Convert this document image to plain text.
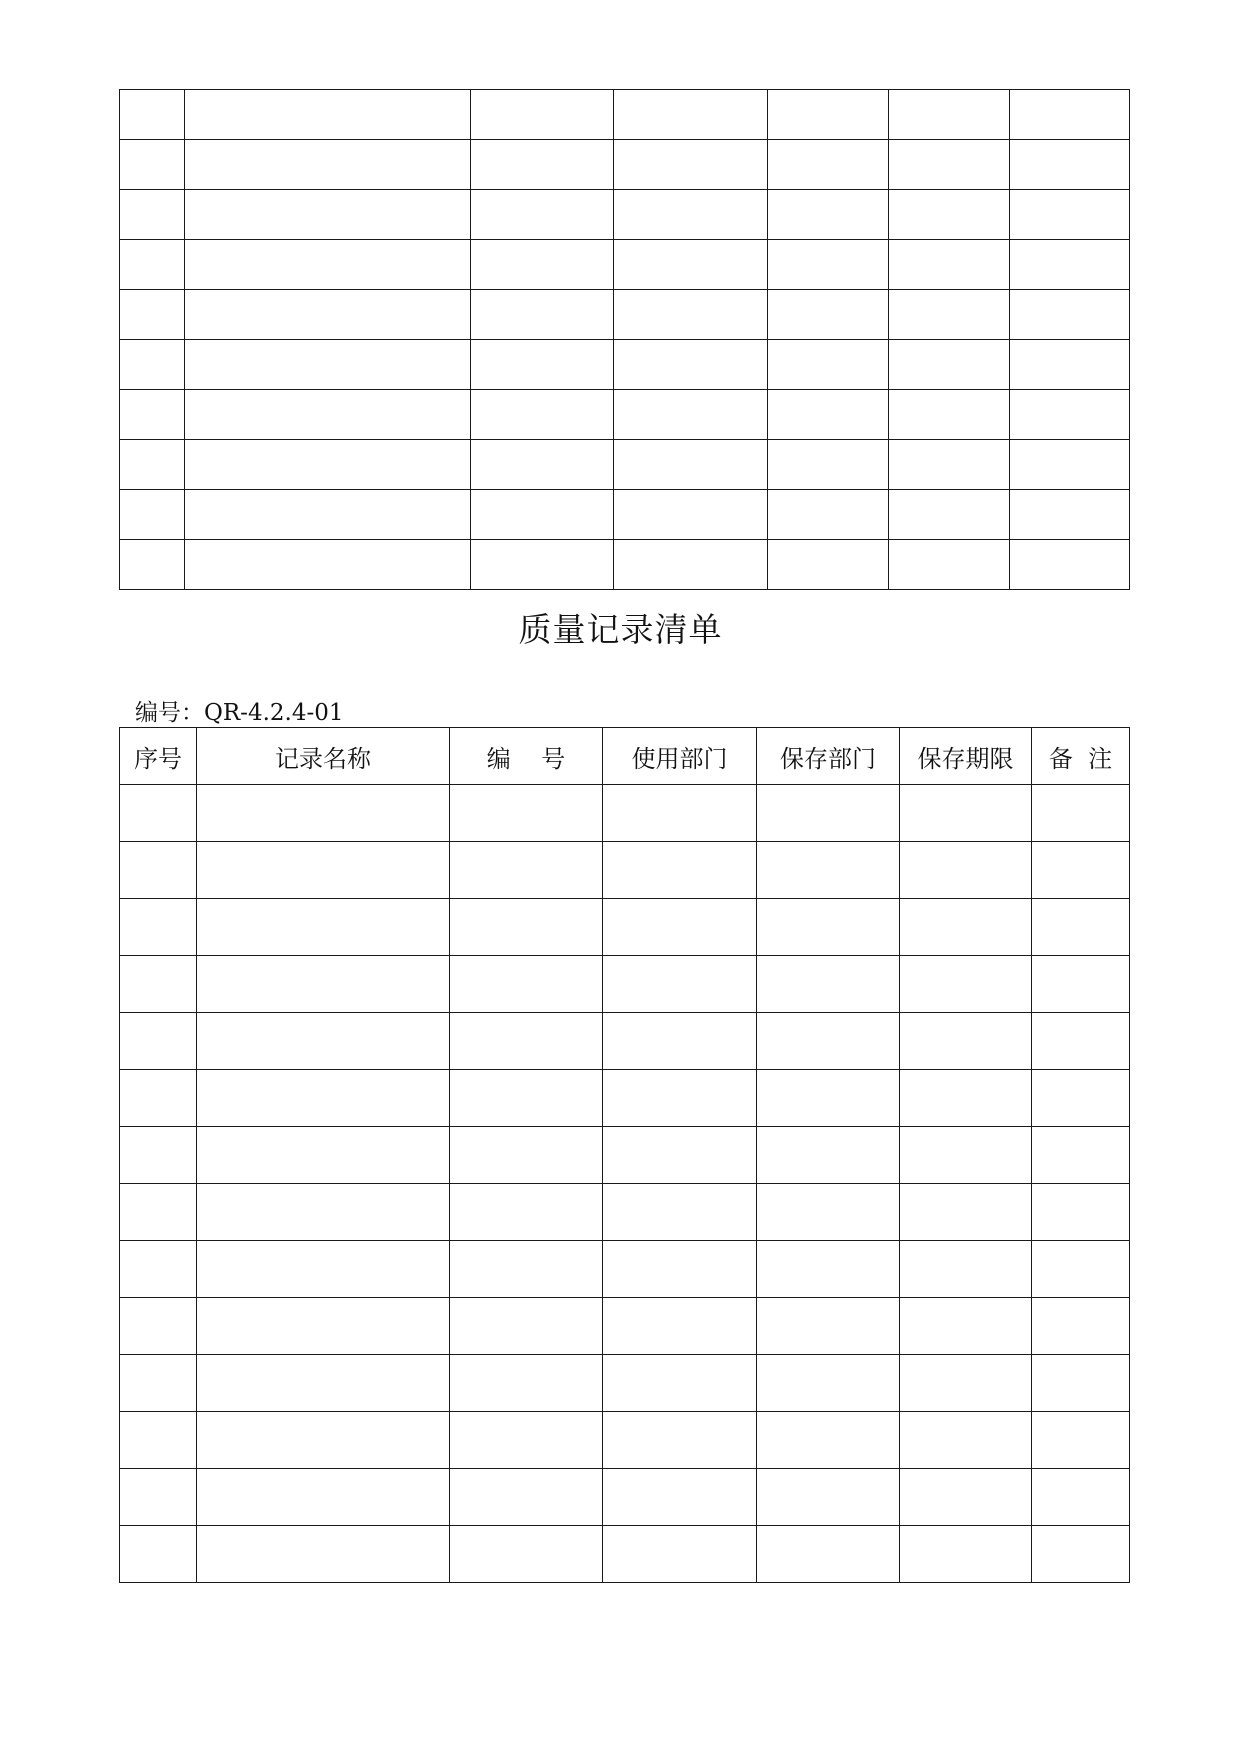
质量记录清单
编号：QR-4.2.4-01
序号	记录名称	编    号	使用部门	保存部门	保存期限	备  注
